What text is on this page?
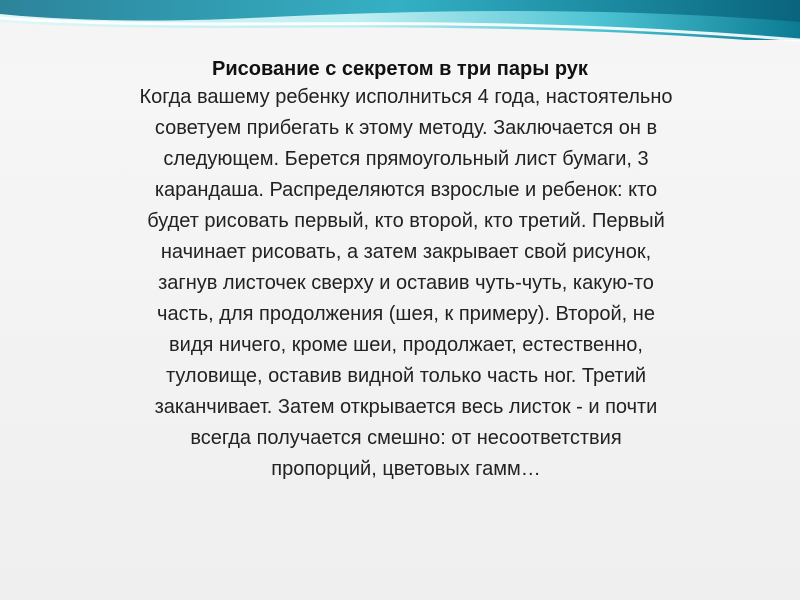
Рисование с секретом в три пары рук
Когда вашему ребенку исполниться 4 года, настоятельно
советуем прибегать к этому методу. Заключается он в
следующем. Берется прямоугольный лист бумаги, 3
карандаша. Распределяются взрослые и ребенок: кто
будет рисовать первый, кто второй, кто третий. Первый
начинает рисовать, а затем закрывает свой рисунок,
загнув листочек сверху и оставив чуть-чуть, какую-то
часть, для продолжения (шея, к примеру). Второй, не
видя ничего, кроме шеи, продолжает, естественно,
туловище, оставив видной только часть ног. Третий
заканчивает. Затем открывается весь листок - и почти
всегда получается смешно: от несоответствия
пропорций, цветовых гамм…
